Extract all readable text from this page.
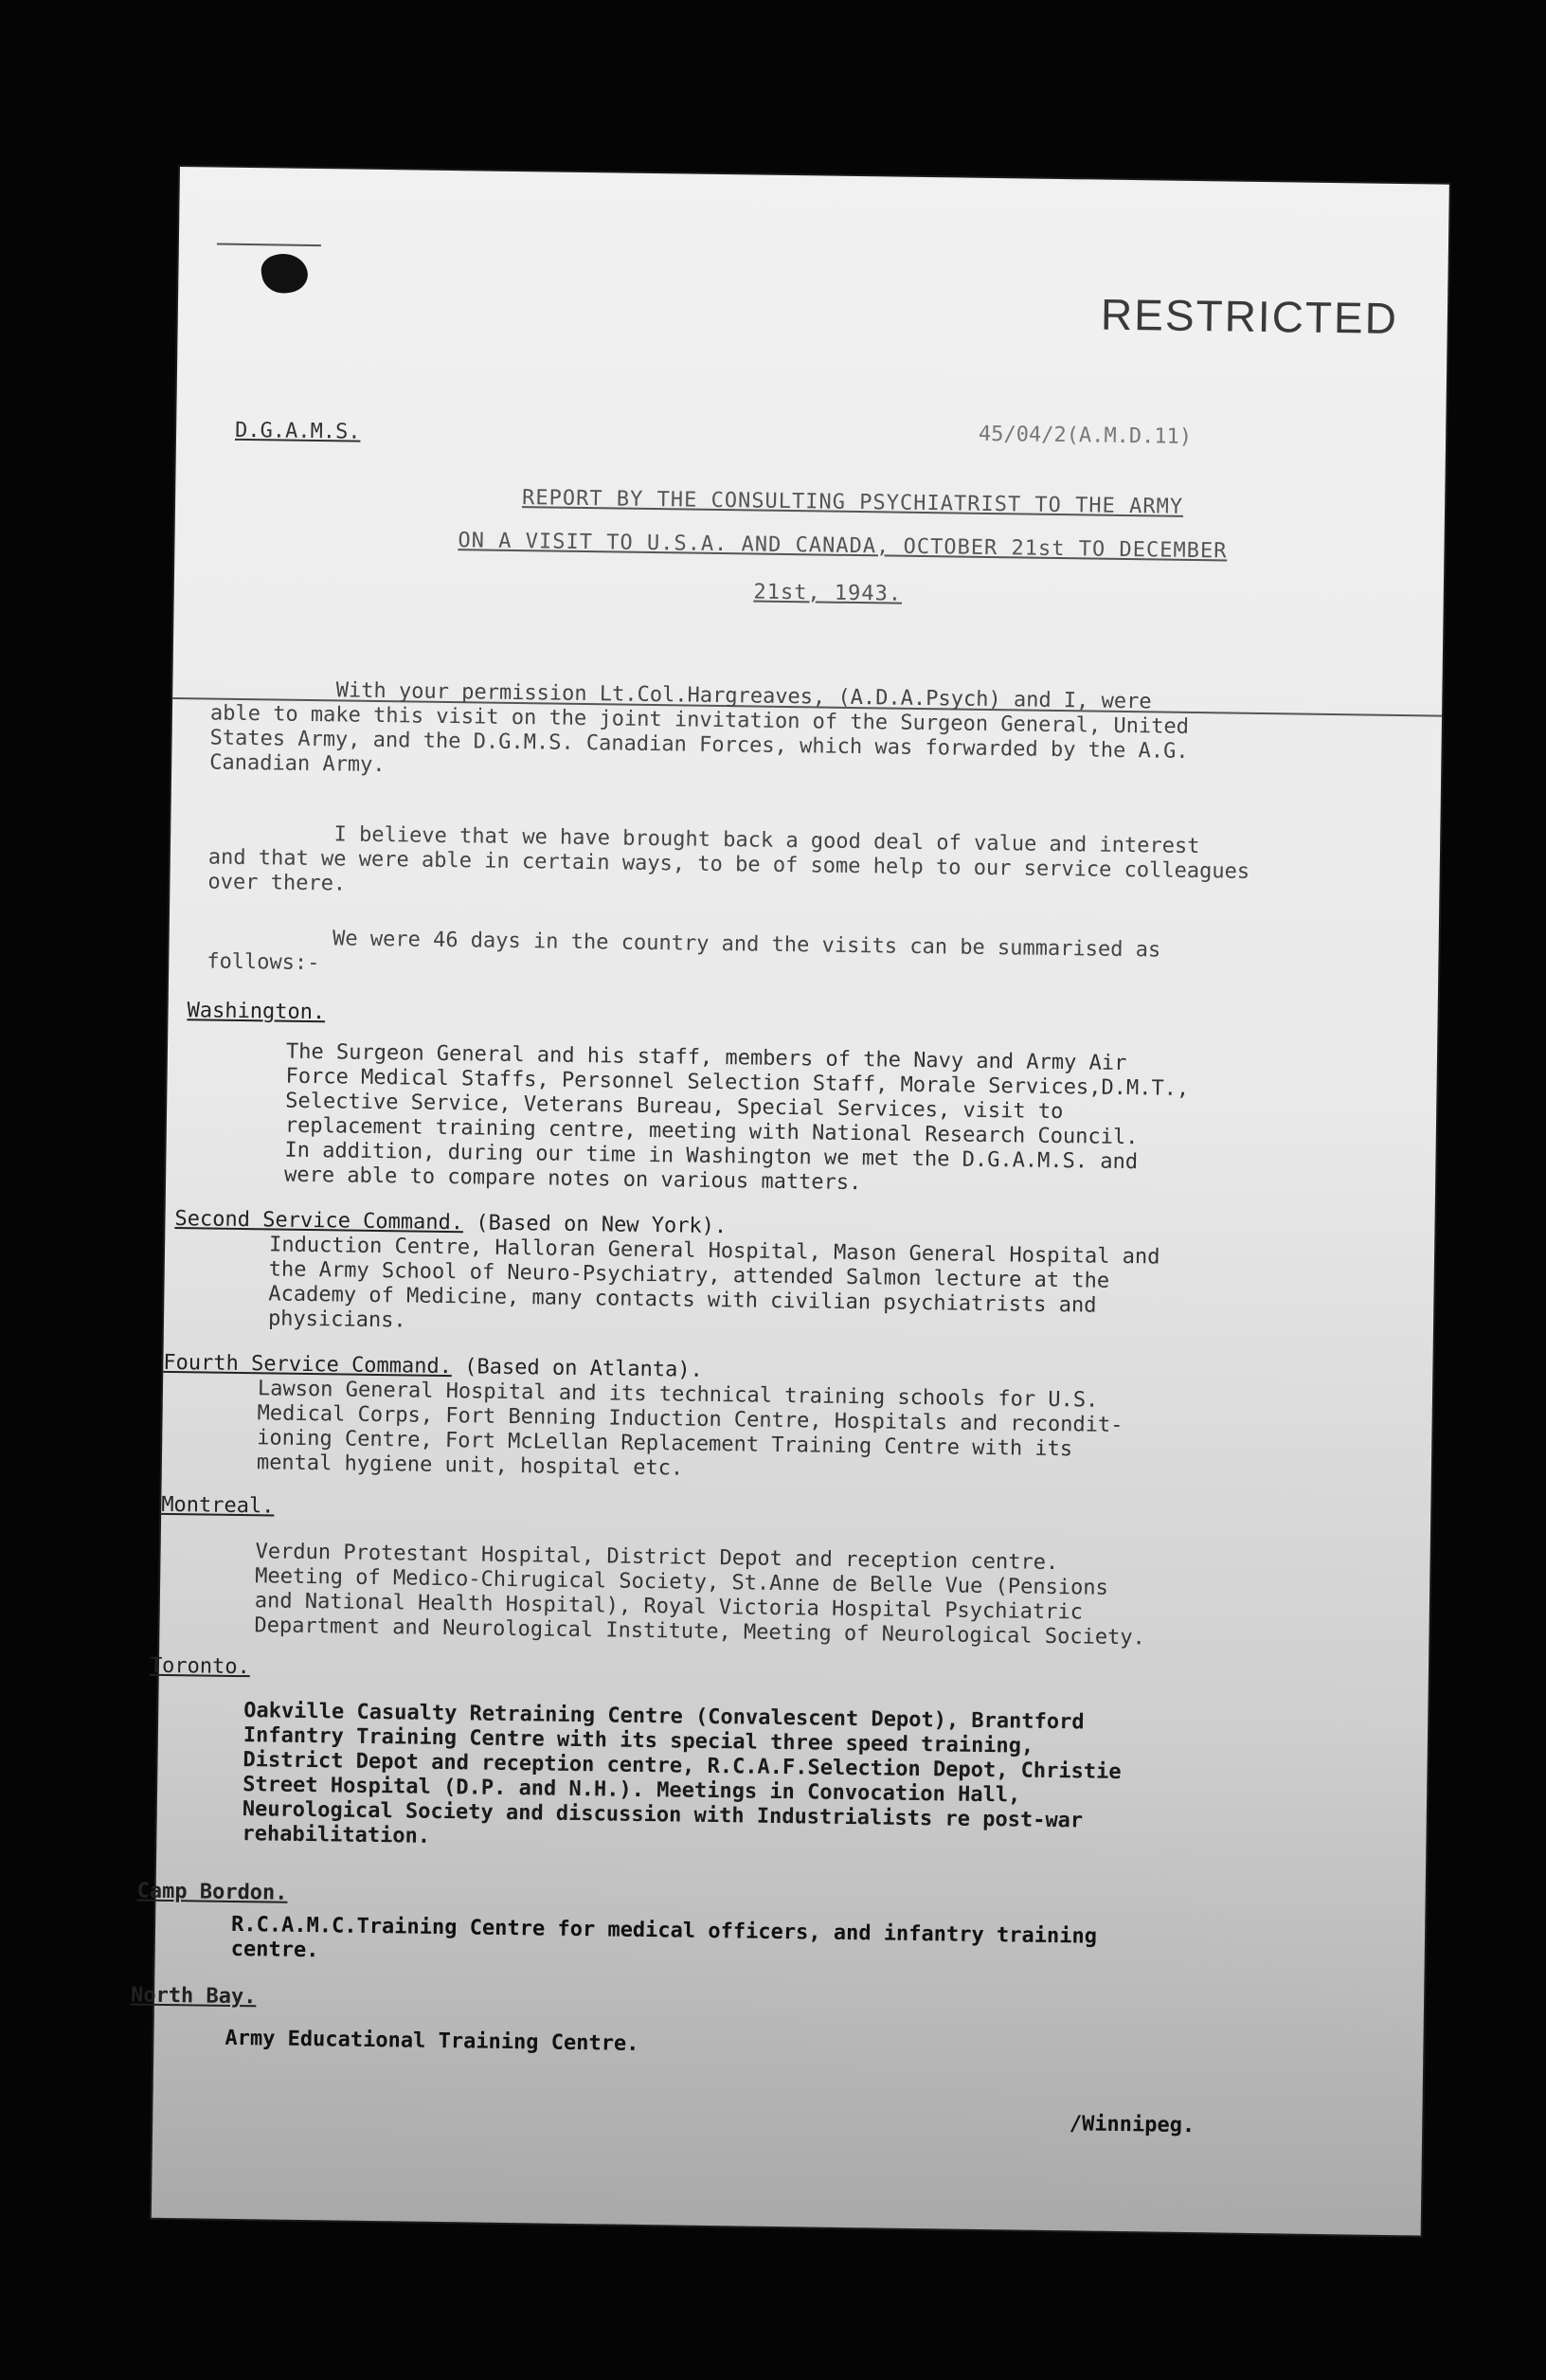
RESTRICTED
D.G.A.M.S.	45/04/2(A.M.D.11)
REPORT BY THE CONSULTING PSYCHIATRIST TO THE ARMY
ON A VISIT TO U.S.A. AND CANADA, OCTOBER 21st TO DECEMBER
21st, 1943.

With your permission Lt.Col.Hargreaves, (A.D.A.Psych) and I, were
able to make this visit on the joint invitation of the Surgeon General, United
States Army, and the D.G.M.S. Canadian Forces, which was forwarded by the A.G.
Canadian Army.

I believe that we have brought back a good deal of value and interest
and that we were able in certain ways, to be of some help to our service colleagues
over there.

We were 46 days in the country and the visits can be summarised as
follows:-

Washington.

The Surgeon General and his staff, members of the Navy and Army Air
Force Medical Staffs, Personnel Selection Staff, Morale Services,D.M.T.,
Selective Service, Veterans Bureau, Special Services, visit to
replacement training centre, meeting with National Research Council.
In addition, during our time in Washington we met the D.G.A.M.S. and
were able to compare notes on various matters.

Second Service Command. (Based on New York).

Induction Centre, Halloran General Hospital, Mason General Hospital and
the Army School of Neuro-Psychiatry, attended Salmon lecture at the
Academy of Medicine, many contacts with civilian psychiatrists and
physicians.

Fourth Service Command. (Based on Atlanta).

Lawson General Hospital and its technical training schools for U.S.
Medical Corps, Fort Benning Induction Centre, Hospitals and recondit-
ioning Centre, Fort McLellan Replacement Training Centre with its
mental hygiene unit, hospital etc.

Montreal.

Verdun Protestant Hospital, District Depot and reception centre.
Meeting of Medico-Chirugical Society, St.Anne de Belle Vue (Pensions
and National Health Hospital), Royal Victoria Hospital Psychiatric
Department and Neurological Institute, Meeting of Neurological Society.

Toronto.

Oakville Casualty Retraining Centre (Convalescent Depot), Brantford
Infantry Training Centre with its special three speed training,
District Depot and reception centre, R.C.A.F.Selection Depot, Christie
Street Hospital (D.P. and N.H.). Meetings in Convocation Hall,
Neurological Society and discussion with Industrialists re post-war
rehabilitation.

Camp Bordon.

R.C.A.M.C.Training Centre for medical officers, and infantry training
centre.

North Bay.

Army Educational Training Centre.

/Winnipeg.
